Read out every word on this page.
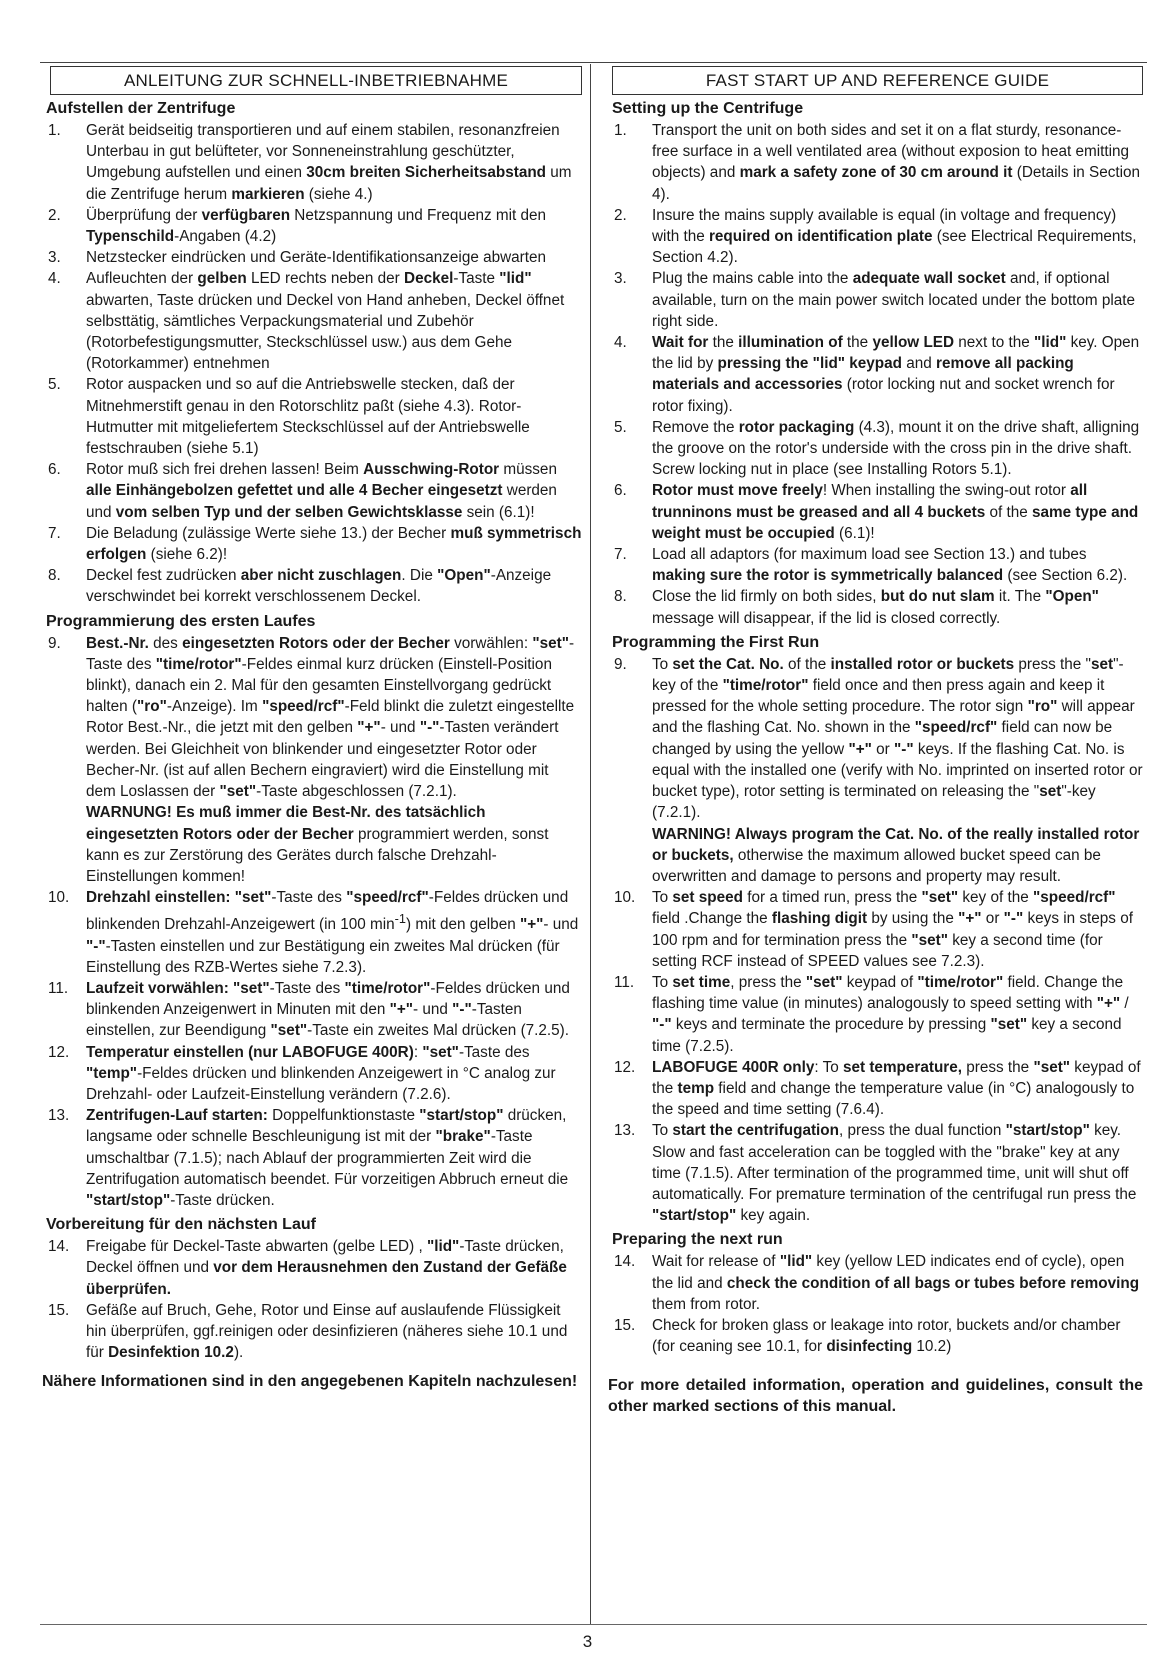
ANLEITUNG ZUR SCHNELL-INBETRIEBNAHME
Aufstellen der Zentrifuge
1.	Gerät beidseitig transportieren und auf einem stabilen, resonanzfreien Unterbau in gut belüfteter, vor Sonneneinstrahlung geschützter, Umgebung aufstellen und einen 30cm breiten Sicherheitsabstand um die Zentrifuge herum markieren (siehe 4.)
2.	Überprüfung der verfügbaren Netzspannung und Frequenz mit den Typenschild-Angaben (4.2)
3.	Netzstecker eindrücken und Geräte-Identifikationsanzeige abwarten
4.	Aufleuchten der gelben LED rechts neben der Deckel-Taste "lid" abwarten, Taste drücken und Deckel von Hand anheben, Deckel öffnet selbsttätig, sämtliches Verpackungsmaterial und Zubehör (Rotorbefestigungsmutter, Steckschlüssel usw.) aus dem Gehe (Rotorkammer) entnehmen
5.	Rotor auspacken und so auf die Antriebswelle stecken, daß der Mitnehmerstift genau in den Rotorschlitz paßt (siehe 4.3). Rotor-Hutmutter mit mitgeliefertem Steckschlüssel auf der Antriebswelle festschrauben (siehe 5.1)
6.	Rotor muß sich frei drehen lassen! Beim Ausschwing-Rotor müssen alle Einhängebolzen gefettet und alle 4 Becher eingesetzt werden und vom selben Typ und der selben Gewichtsklasse sein (6.1)!
7.	Die Beladung (zulässige Werte siehe 13.) der Becher muß symmetrisch erfolgen (siehe 6.2)!
8.	Deckel fest zudrücken aber nicht zuschlagen. Die "Open"-Anzeige verschwindet bei korrekt verschlossenem Deckel.
Programmierung des ersten Laufes
9.	Best.-Nr. des eingesetzten Rotors oder der Becher vorwählen: "set"-Taste des "time/rotor"-Feldes einmal kurz drücken (Einstell-Position blinkt), danach ein 2. Mal für den gesamten Einstellvorgang gedrückt halten ("ro"-Anzeige). Im "speed/rcf"-Feld blinkt die zuletzt eingestellte Rotor Best.-Nr., die jetzt mit den gelben "+"- und "-"-Tasten verändert werden. Bei Gleichheit von blinkender und eingesetzter Rotor oder Becher-Nr. (ist auf allen Bechern eingraviert) wird die Einstellung mit dem Loslassen der "set"-Taste abgeschlossen (7.2.1).
WARNUNG! Es muß immer die Best-Nr. des tatsächlich eingesetzten Rotors oder der Becher programmiert werden, sonst kann es zur Zerstörung des Gerätes durch falsche Drehzahl-Einstellungen kommen!
10.	Drehzahl einstellen: "set"-Taste des "speed/rcf"-Feldes drücken und blinkenden Drehzahl-Anzeigewert (in 100 $\min^{-1}$) mit den gelben "+"- und "-"-Tasten einstellen und zur Bestätigung ein zweites Mal drücken (für Einstellung des RZB-Wertes siehe 7.2.3).
11.	Laufzeit vorwählen: "set"-Taste des "time/rotor"-Feldes drücken und blinkenden Anzeigenwert in Minuten mit den "+"- und "-"-Tasten einstellen, zur Beendigung "set"-Taste ein zweites Mal drücken (7.2.5).
12.	Temperatur einstellen (nur LABOFUGE 400R): "set"-Taste des "temp"-Feldes drücken und blinkenden Anzeigewert in °C analog zur Drehzahl- oder Laufzeit-Einstellung verändern (7.2.6).
13.	Zentrifugen-Lauf starten: Doppelfunktionstaste "start/stop" drücken, langsame oder schnelle Beschleunigung ist mit der "brake"-Taste umschaltbar (7.1.5); nach Ablauf der programmierten Zeit wird die Zentrifugation automatisch beendet. Für vorzeitigen Abbruch erneut die "start/stop"-Taste drücken.
Vorbereitung für den nächsten Lauf
14.	Freigabe für Deckel-Taste abwarten (gelbe LED) , "lid"-Taste drücken, Deckel öffnen und vor dem Herausnehmen den Zustand der Gefäße überprüfen.
15.	Gefäße auf Bruch, Gehe, Rotor und Einse auf auslaufende Flüssigkeit hin überprüfen, ggf.reinigen oder desinfizieren (näheres siehe 10.1 und für Desinfektion 10.2).
Nähere Informationen sind in den angegebenen Kapiteln nachzulesen!
FAST START UP AND REFERENCE GUIDE
Setting up the Centrifuge
1.	Transport the unit on both sides and set it on a flat sturdy, resonance-free surface in a well ventilated area (without exposion to heat emitting objects) and mark a safety zone of 30 cm around it (Details in Section 4).
2.	Insure the mains supply available is equal (in voltage and frequency) with the required on identification plate (see Electrical Requirements, Section 4.2).
3.	Plug the mains cable into the adequate wall socket and, if optional available, turn on the main power switch located under the bottom plate right side.
4.	Wait for the illumination of the yellow LED next to the "lid" key. Open the lid by pressing the "lid" keypad and remove all packing materials and accessories (rotor locking nut and socket wrench for rotor fixing).
5.	Remove the rotor packaging (4.3), mount it on the drive shaft, alligning the groove on the rotor's underside with the cross pin in the drive shaft. Screw locking nut in place (see Installing Rotors 5.1).
6.	Rotor must move freely! When installing the swing-out rotor all trunninons must be greased and all 4 buckets of the same type and weight must be occupied (6.1)!
7.	Load all adaptors (for maximum load see Section 13.) and tubes making sure the rotor is symmetrically balanced (see Section 6.2).
8.	Close the lid firmly on both sides, but do nut slam it. The "Open" message will disappear, if the lid is closed correctly.
Programming the First Run
9.	To set the Cat. No. of the installed rotor or buckets press the "set"-key of the "time/rotor" field once and then press again and keep it pressed for the whole setting procedure. The rotor sign "ro" will appear and the flashing Cat. No. shown in the "speed/rcf" field can now be changed by using the yellow "+" or "-" keys. If the flashing Cat. No. is equal with the installed one (verify with No. imprinted on inserted rotor or bucket type), rotor setting is terminated on releasing the "set"-key (7.2.1).
WARNING! Always program the Cat. No. of the really installed rotor or buckets, otherwise the maximum allowed bucket speed can be overwritten and damage to persons and property may result.
10.	To set speed for a timed run, press the "set" key of the "speed/rcf" field .Change the flashing digit by using the "+" or "-" keys in steps of 100 rpm and for termination press the "set" key a second time (for setting RCF instead of SPEED values see 7.2.3).
11.	To set time, press the "set" keypad of "time/rotor" field. Change the flashing time value (in minutes) analogously to speed setting with "+" / "-" keys and terminate the procedure by pressing "set" key a second time (7.2.5).
12.	LABOFUGE 400R only: To set temperature, press the "set" keypad of the temp field and change the temperature value (in °C) analogously to the speed and time setting (7.6.4).
13.	To start the centrifugation, press the dual function "start/stop" key. Slow and fast acceleration can be toggled with the "brake" key at any time (7.1.5). After termination of the programmed time, unit will shut off automatically. For premature termination of the centrifugal run press the "start/stop" key again.
Preparing the next run
14.	Wait for release of "lid" key (yellow LED indicates end of cycle), open the lid and check the condition of all bags or tubes before removing them from rotor.
15.	Check for broken glass or leakage into rotor, buckets and/or chamber (for ceaning see 10.1, for disinfecting 10.2)
For more detailed information, operation and guidelines, consult the other marked sections of this manual.
3
